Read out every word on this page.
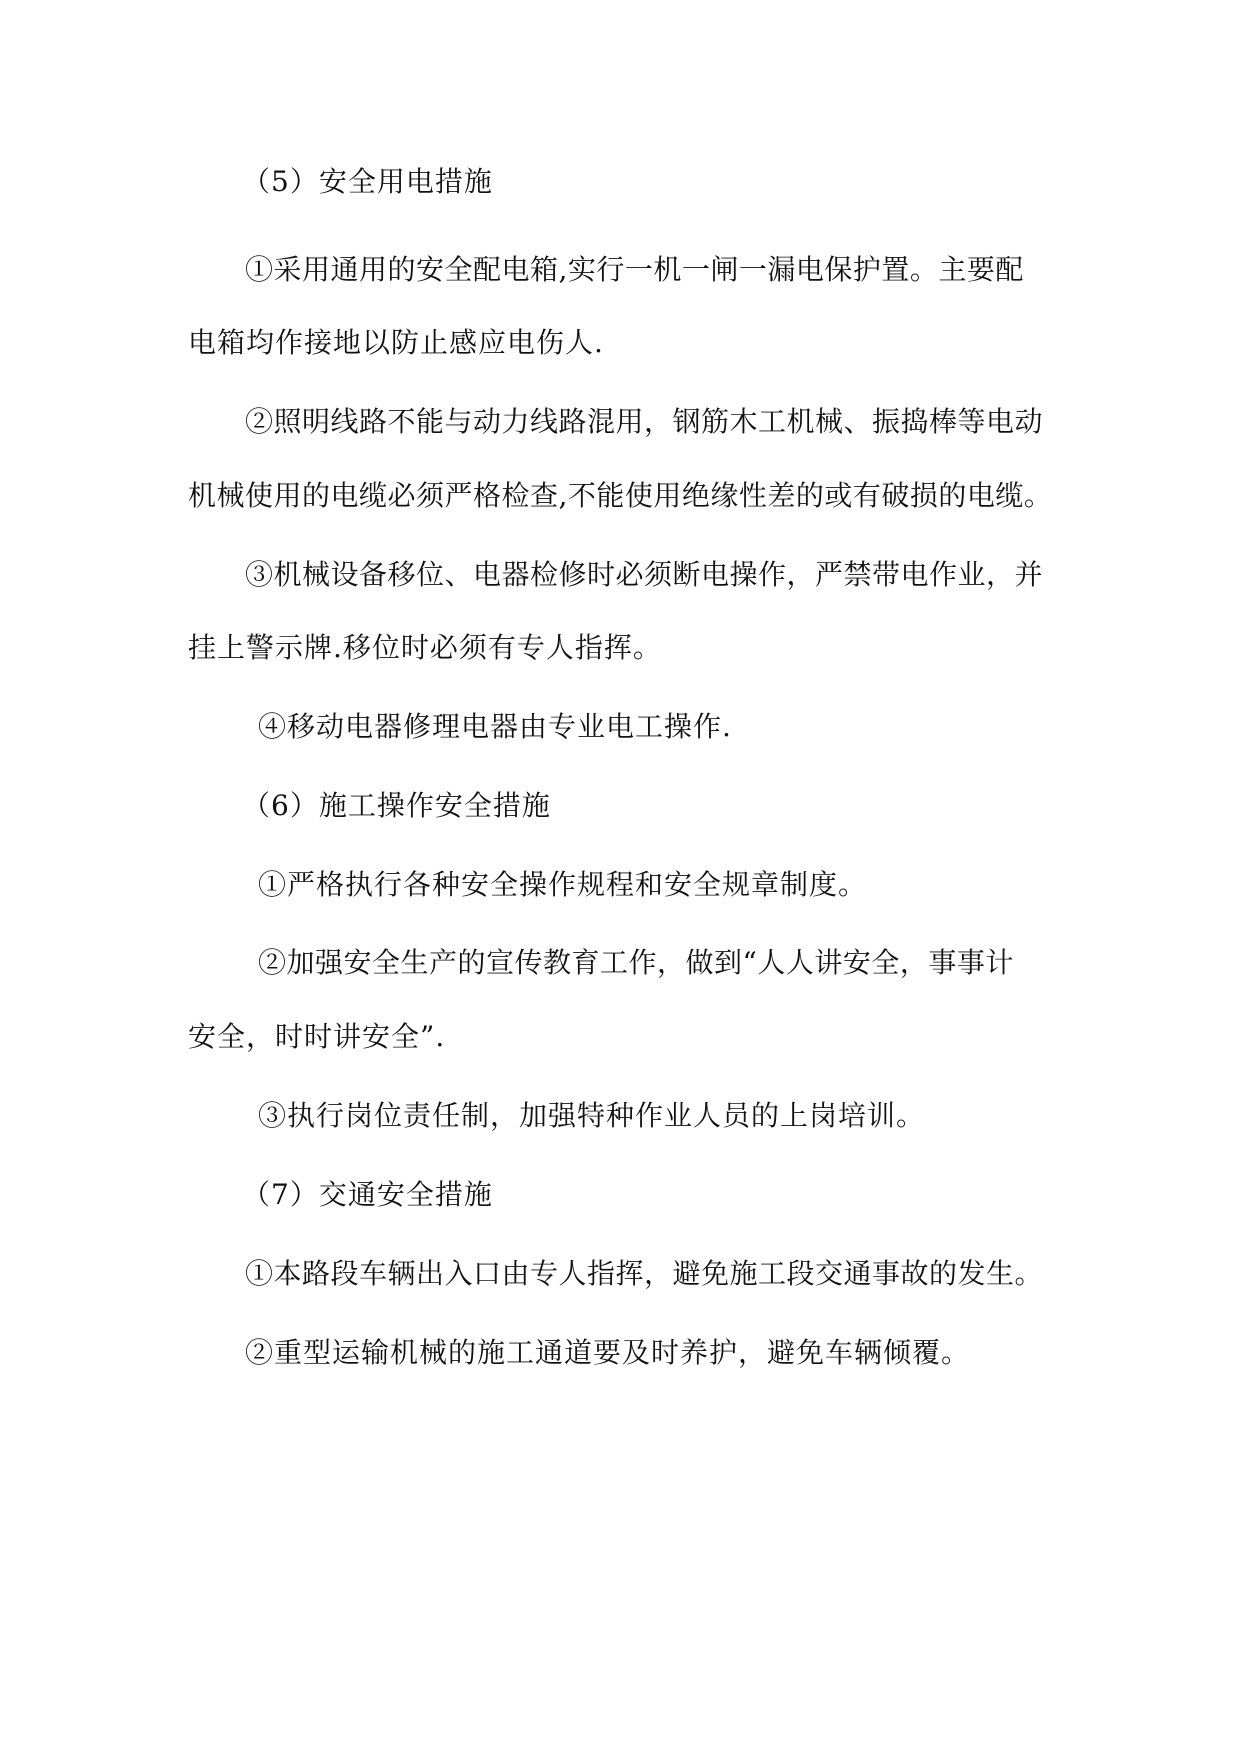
（5）安全用电措施
①采用通用的安全配电箱,实行一机一闸一漏电保护置。主要配
电箱均作接地以防止感应电伤人.
②照明线路不能与动力线路混用，钢筋木工机械、振捣棒等电动
机械使用的电缆必须严格检查,不能使用绝缘性差的或有破损的电缆。
③机械设备移位、电器检修时必须断电操作，严禁带电作业，并
挂上警示牌.移位时必须有专人指挥。
④移动电器修理电器由专业电工操作.
（6）施工操作安全措施
①严格执行各种安全操作规程和安全规章制度。
②加强安全生产的宣传教育工作，做到“人人讲安全，事事计
安全，时时讲安全”.
③执行岗位责任制，加强特种作业人员的上岗培训。
（7）交通安全措施
①本路段车辆出入口由专人指挥，避免施工段交通事故的发生。
②重型运输机械的施工通道要及时养护，避免车辆倾覆。
